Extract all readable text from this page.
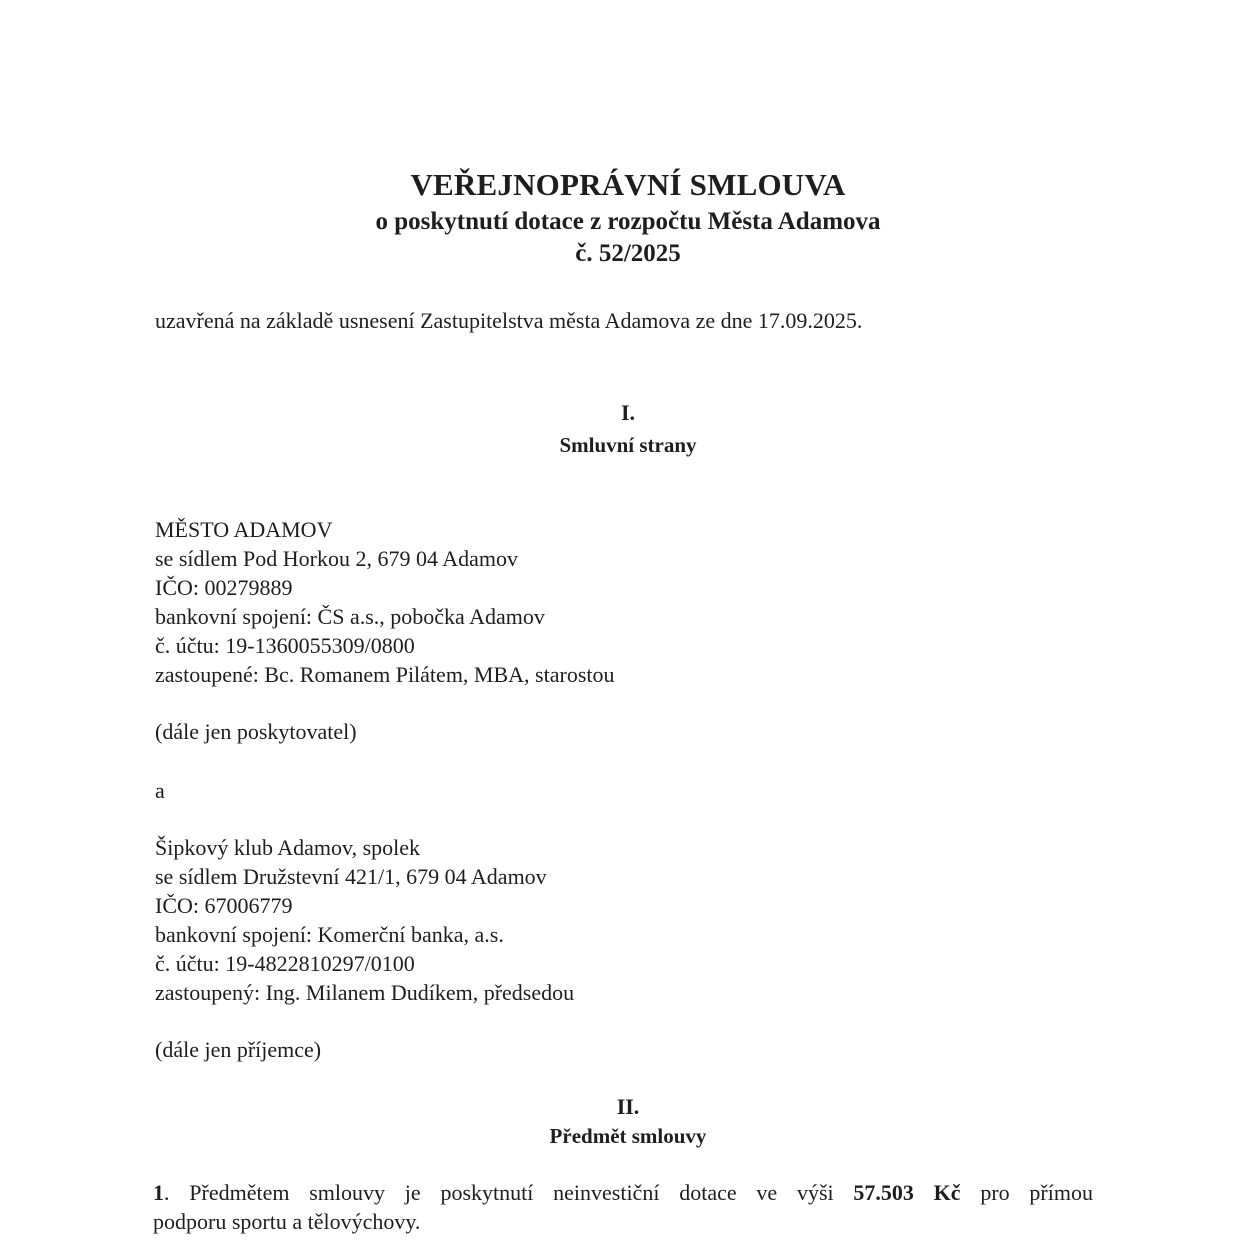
VEŘEJNOPRÁVNÍ SMLOUVA
o poskytnutí dotace z rozpočtu Města Adamova
č. 52/2025
uzavřená na základě usnesení Zastupitelstva města Adamova ze dne 17.09.2025.
I.
Smluvní strany
MĚSTO ADAMOV
se sídlem Pod Horkou 2, 679 04 Adamov
IČO: 00279889
bankovní spojení: ČS a.s., pobočka Adamov
č. účtu: 19-1360055309/0800
zastoupené: Bc. Romanem Pilátem, MBA, starostou
(dále jen poskytovatel)
a
Šipkový klub Adamov, spolek
se sídlem Družstevní 421/1, 679 04 Adamov
IČO: 67006779
bankovní spojení: Komerční banka, a.s.
č. účtu: 19-4822810297/0100
zastoupený: Ing. Milanem Dudíkem, předsedou
(dále jen příjemce)
II.
Předmět smlouvy
1. Předmětem smlouvy je poskytnutí neinvestiční dotace ve výši 57.503 Kč pro přímou
podporu sportu a tělovýchovy.
